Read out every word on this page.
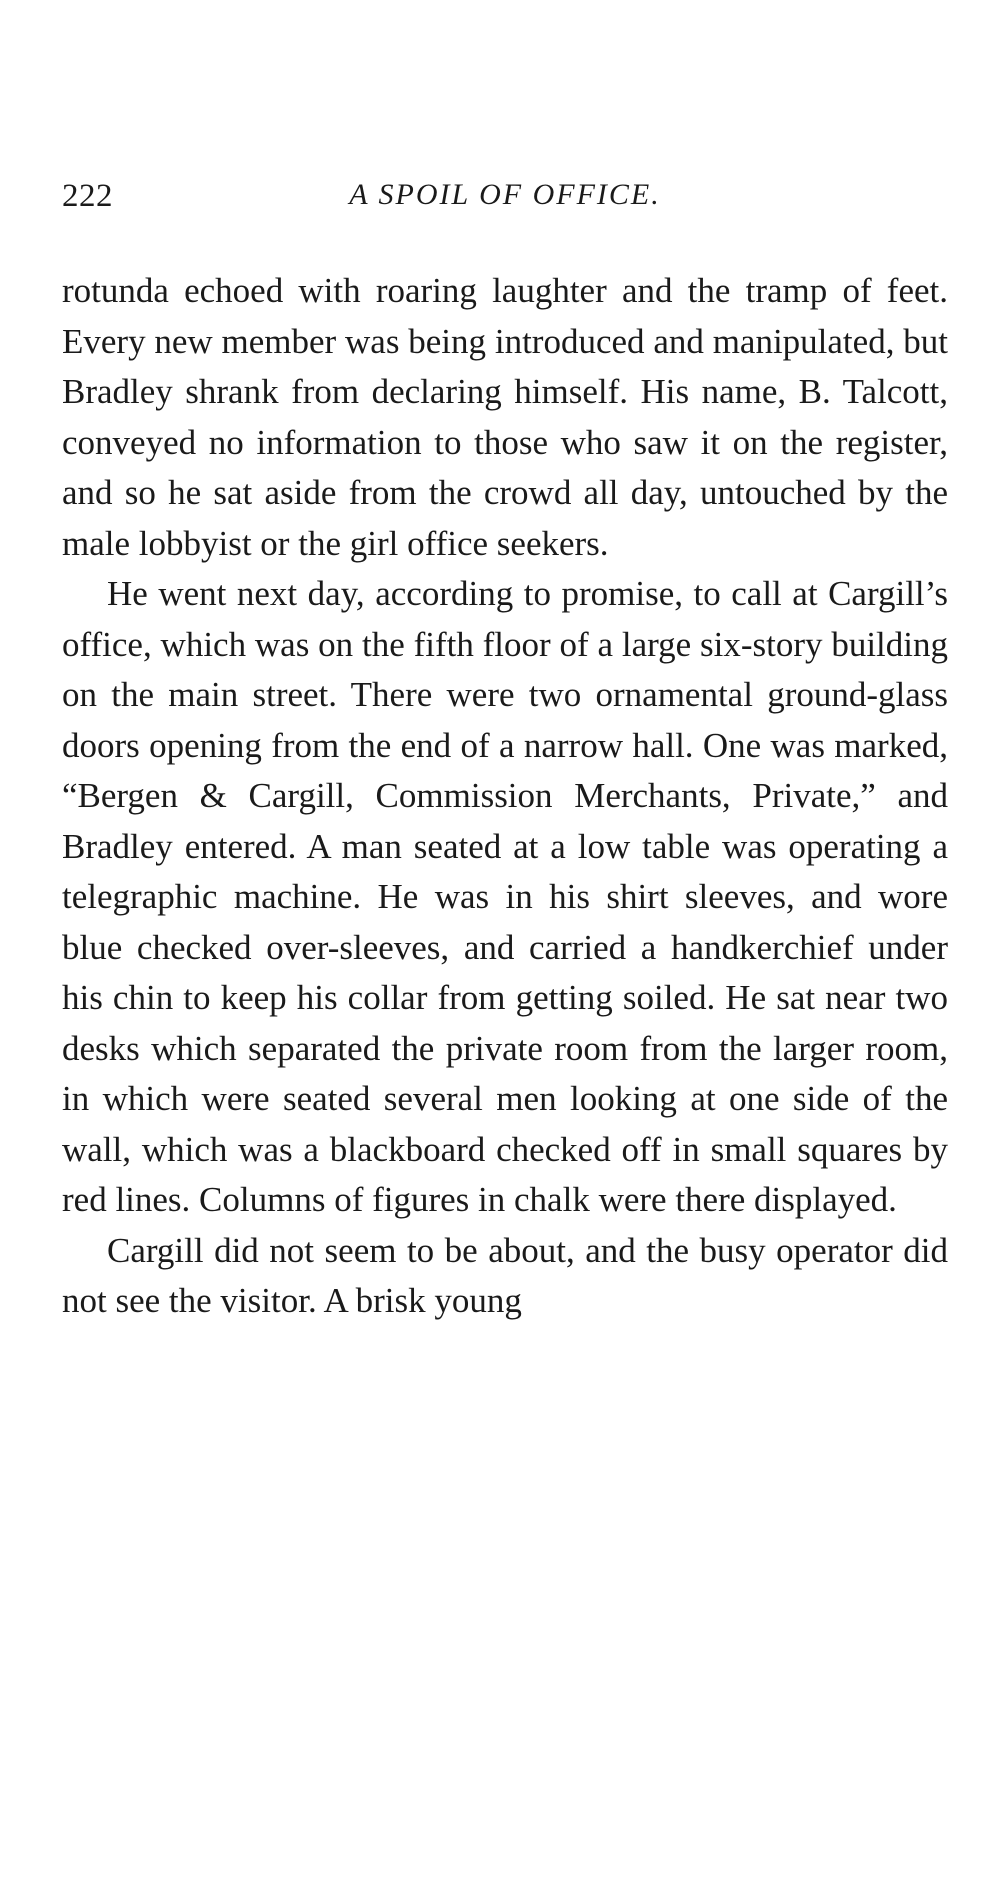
222	A SPOIL OF OFFICE.

rotunda echoed with roaring laughter and the tramp of feet. Every new member was being introduced and manipulated, but Bradley shrank from declaring himself. His name, B. Talcott, conveyed no information to those who saw it on the register, and so he sat aside from the crowd all day, untouched by the male lobbyist or the girl office seekers.

He went next day, according to promise, to call at Cargill’s office, which was on the fifth floor of a large six-story building on the main street. There were two ornamental ground-glass doors opening from the end of a narrow hall. One was marked, “Bergen & Cargill, Commission Merchants, Private,” and Bradley entered. A man seated at a low table was operating a telegraphic machine. He was in his shirt sleeves, and wore blue checked over-sleeves, and carried a handkerchief under his chin to keep his collar from getting soiled. He sat near two desks which separated the private room from the larger room, in which were seated several men looking at one side of the wall, which was a blackboard checked off in small squares by red lines. Columns of figures in chalk were there displayed.

Cargill did not seem to be about, and the busy operator did not see the visitor. A brisk young
